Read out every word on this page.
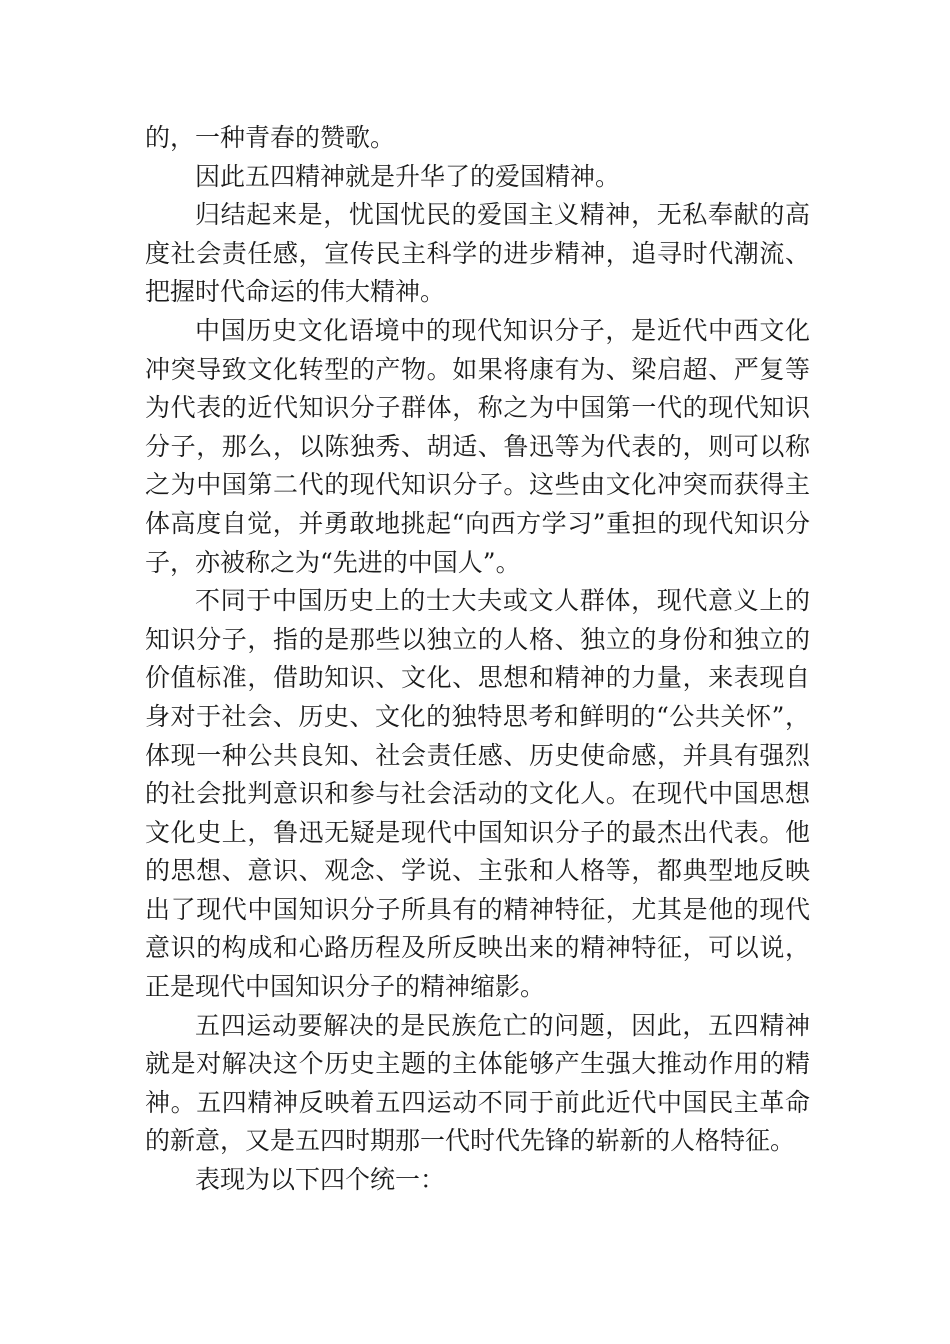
的，一种青春的赞歌。

因此五四精神就是升华了的爱国精神。

归结起来是，忧国忧民的爱国主义精神，无私奉献的高度社会责任感，宣传民主科学的进步精神，追寻时代潮流、把握时代命运的伟大精神。

中国历史文化语境中的现代知识分子，是近代中西文化冲突导致文化转型的产物。如果将康有为、梁启超、严复等为代表的近代知识分子群体，称之为中国第一代的现代知识分子，那么，以陈独秀、胡适、鲁迅等为代表的，则可以称之为中国第二代的现代知识分子。这些由文化冲突而获得主体高度自觉，并勇敢地挑起“向西方学习”重担的现代知识分子，亦被称之为“先进的中国人”。

不同于中国历史上的士大夫或文人群体，现代意义上的知识分子，指的是那些以独立的人格、独立的身份和独立的价值标准，借助知识、文化、思想和精神的力量，来表现自身对于社会、历史、文化的独特思考和鲜明的“公共关怀”，体现一种公共良知、社会责任感、历史使命感，并具有强烈的社会批判意识和参与社会活动的文化人。在现代中国思想文化史上，鲁迅无疑是现代中国知识分子的最杰出代表。他的思想、意识、观念、学说、主张和人格等，都典型地反映出了现代中国知识分子所具有的精神特征，尤其是他的现代意识的构成和心路历程及所反映出来的精神特征，可以说，正是现代中国知识分子的精神缩影。

五四运动要解决的是民族危亡的问题，因此，五四精神就是对解决这个历史主题的主体能够产生强大推动作用的精神。五四精神反映着五四运动不同于前此近代中国民主革命的新意，又是五四时期那一代时代先锋的崭新的人格特征。

表现为以下四个统一：
